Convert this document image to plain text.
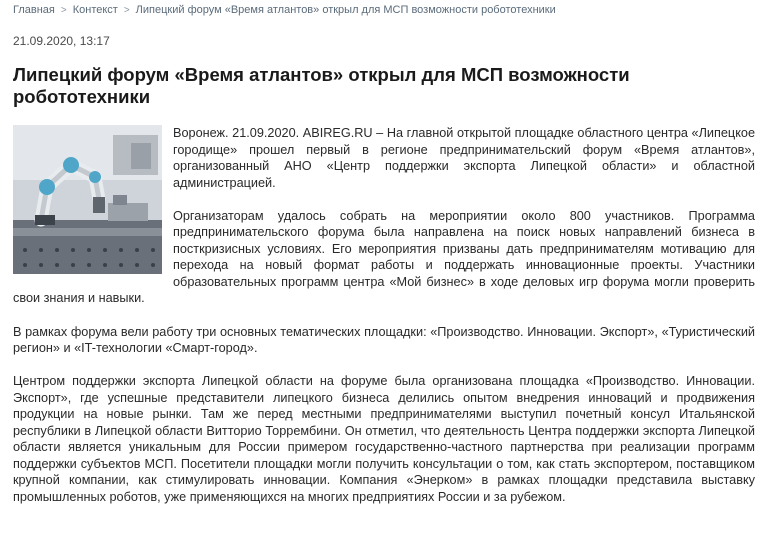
Главная > Контекст > Липецкий форум «Время атлантов» открыл для МСП возможности робототехники
21.09.2020, 13:17
Липецкий форум «Время атлантов» открыл для МСП возможности робототехники

Воронеж. 21.09.2020. ABIREG.RU – На главной открытой площадке областного центра «Липецкое городище» прошел первый в регионе предпринимательский форум «Время атлантов», организованный АНО «Центр поддержки экспорта Липецкой области» и областной администрацией.

Организаторам удалось собрать на мероприятии около 800 участников. Программа предпринимательского форума была направлена на поиск новых направлений бизнеса в посткризисных условиях. Его мероприятия призваны дать предпринимателям мотивацию для перехода на новый формат работы и поддержать инновационные проекты. Участники образовательных программ центра «Мой бизнес» в ходе деловых игр форума могли проверить свои знания и навыки.

В рамках форума вели работу три основных тематических площадки: «Производство. Инновации. Экспорт», «Туристический регион» и «IT-технологии «Смарт-город».

Центром поддержки экспорта Липецкой области на форуме была организована площадка «Производство. Инновации. Экспорт», где успешные представители липецкого бизнеса делились опытом внедрения инноваций и продвижения продукции на новые рынки. Там же перед местными предпринимателями выступил почетный консул Итальянской республики в Липецкой области Витторио Торрембини. Он отметил, что деятельность Центра поддержки экспорта Липецкой области является уникальным для России примером государственно-частного партнерства при реализации программ поддержки субъектов МСП. Посетители площадки могли получить консультации о том, как стать экспортером, поставщиком крупной компании, как стимулировать инновации. Компания «Энерком» в рамках площадки представила выставку промышленных роботов, уже применяющихся на многих предприятиях России и за рубежом.
